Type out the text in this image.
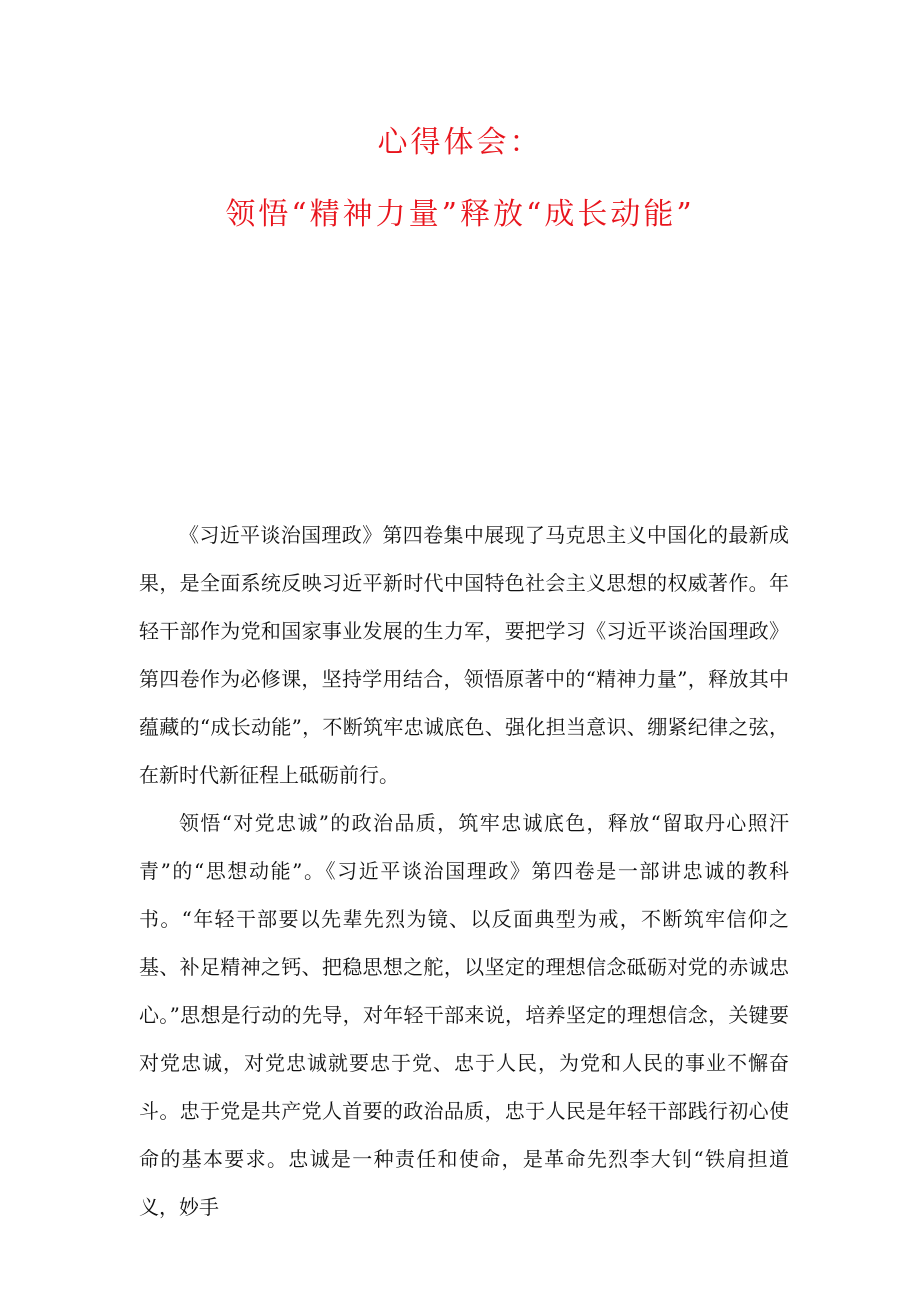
心得体会：
领悟“精神力量”释放“成长动能”

《习近平谈治国理政》第四卷集中展现了马克思主义中国化的最新成果，是全面系统反映习近平新时代中国特色社会主义思想的权威著作。年轻干部作为党和国家事业发展的生力军，要把学习《习近平谈治国理政》第四卷作为必修课，坚持学用结合，领悟原著中的“精神力量”，释放其中蕴藏的“成长动能”，不断筑牢忠诚底色、强化担当意识、绷紧纪律之弦，在新时代新征程上砥砺前行。

领悟“对党忠诚”的政治品质，筑牢忠诚底色，释放“留取丹心照汗青”的“思想动能”。《习近平谈治国理政》第四卷是一部讲忠诚的教科书。“年轻干部要以先辈先烈为镜、以反面典型为戒，不断筑牢信仰之基、补足精神之钙、把稳思想之舵，以坚定的理想信念砥砺对党的赤诚忠心。”思想是行动的先导，对年轻干部来说，培养坚定的理想信念，关键要对党忠诚，对党忠诚就要忠于党、忠于人民，为党和人民的事业不懈奋斗。忠于党是共产党人首要的政治品质，忠于人民是年轻干部践行初心使命的基本要求。忠诚是一种责任和使命，是革命先烈李大钊“铁肩担道义，妙手
